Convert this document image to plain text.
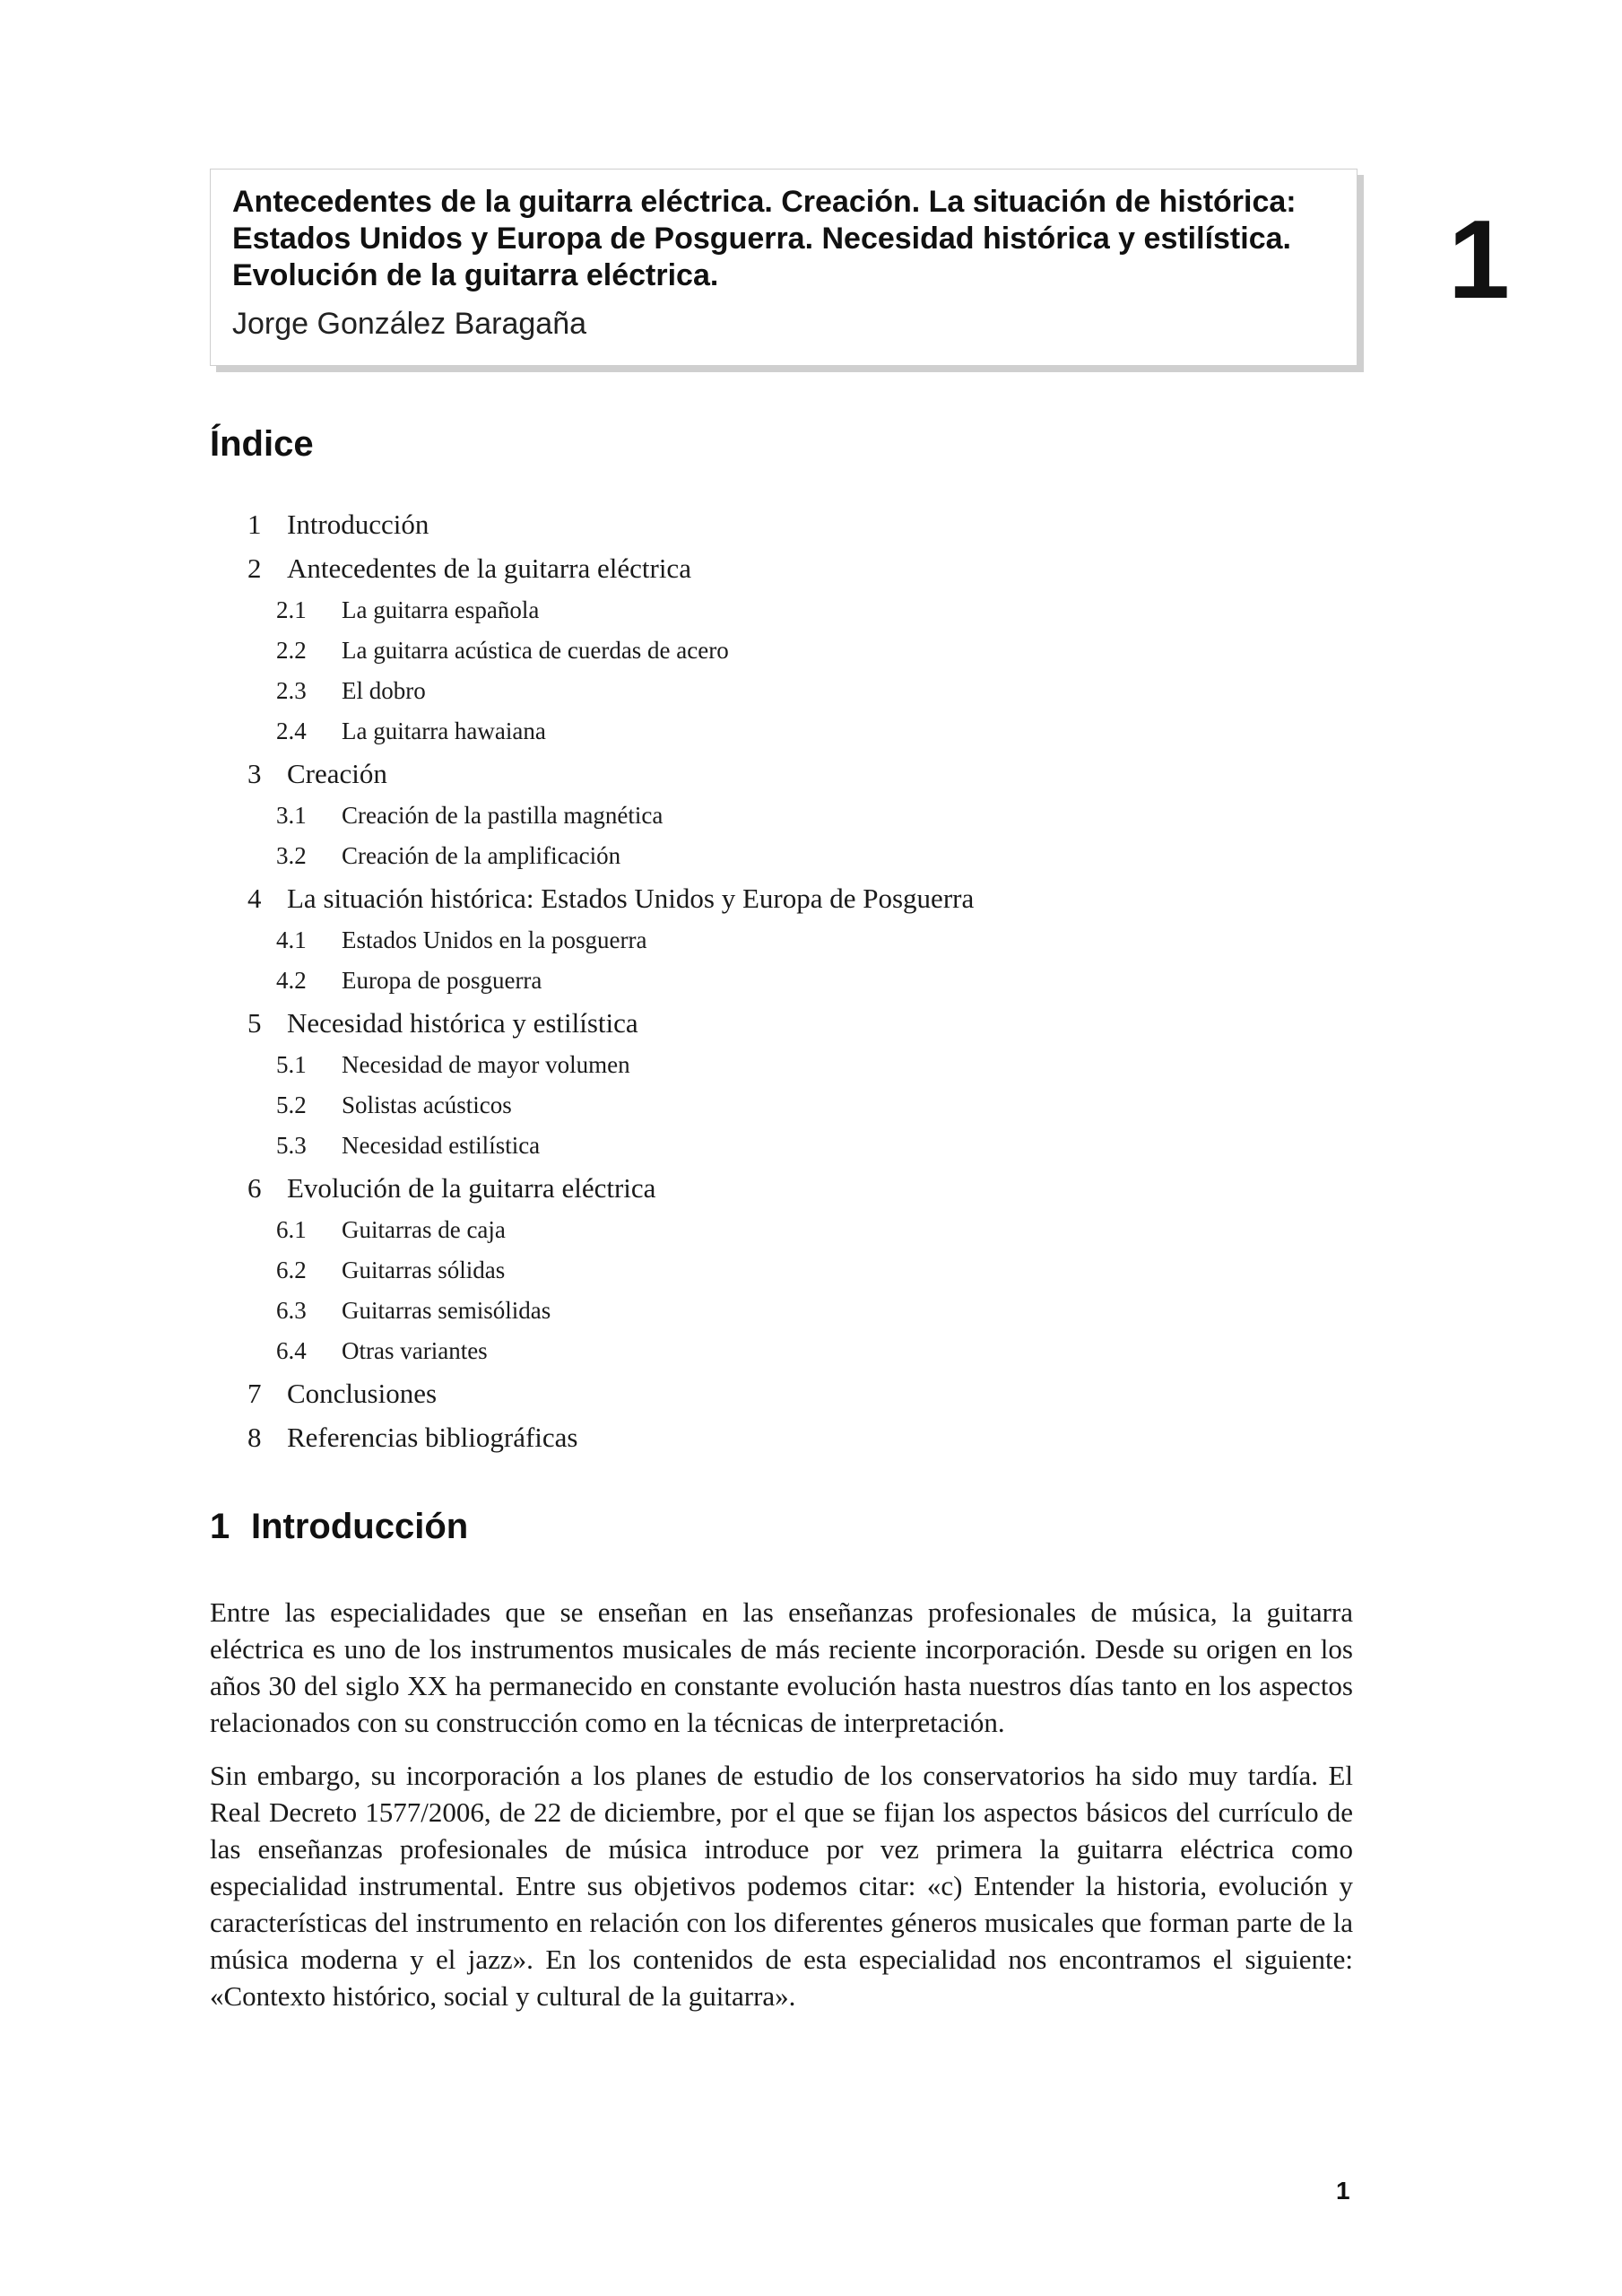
Antecedentes de la guitarra eléctrica. Creación. La situación de histórica: Estados Unidos y Europa de Posguerra. Necesidad histórica y estilística. Evolución de la guitarra eléctrica.
Jorge González Baragaña
1
Índice
1 Introducción
2 Antecedentes de la guitarra eléctrica
2.1	La guitarra española
2.2	La guitarra acústica de cuerdas de acero
2.3	El dobro
2.4	La guitarra hawaiana
3 Creación
3.1	Creación de la pastilla magnética
3.2	Creación de la amplificación
4 La situación histórica: Estados Unidos y Europa de Posguerra
4.1	Estados Unidos en la posguerra
4.2	Europa de posguerra
5 Necesidad histórica y estilística
5.1	Necesidad de mayor volumen
5.2	Solistas acústicos
5.3	Necesidad estilística
6 Evolución de la guitarra eléctrica
6.1	Guitarras de caja
6.2	Guitarras sólidas
6.3	Guitarras semisólidas
6.4	Otras variantes
7 Conclusiones
8 Referencias bibliográficas
1 Introducción

Entre las especialidades que se enseñan en las enseñanzas profesionales de música, la guitarra eléctrica es uno de los instrumentos musicales de más reciente incorporación. Desde su origen en los años 30 del siglo XX ha permanecido en constante evolución hasta nuestros días tanto en los aspectos relacionados con su construcción como en la técnicas de interpretación.

Sin embargo, su incorporación a los planes de estudio de los conservatorios ha sido muy tardía. El Real Decreto 1577/2006, de 22 de diciembre, por el que se fijan los aspectos básicos del currículo de las enseñanzas profesionales de música introduce por vez primera la guitarra eléctrica como especialidad instrumental. Entre sus objetivos podemos citar: «c) Entender la historia, evolución y características del instrumento en relación con los diferentes géneros musicales que forman parte de la música moderna y el jazz». En los contenidos de esta especialidad nos encontramos el siguiente: «Contexto histórico, social y cultural de la guitarra».

1
